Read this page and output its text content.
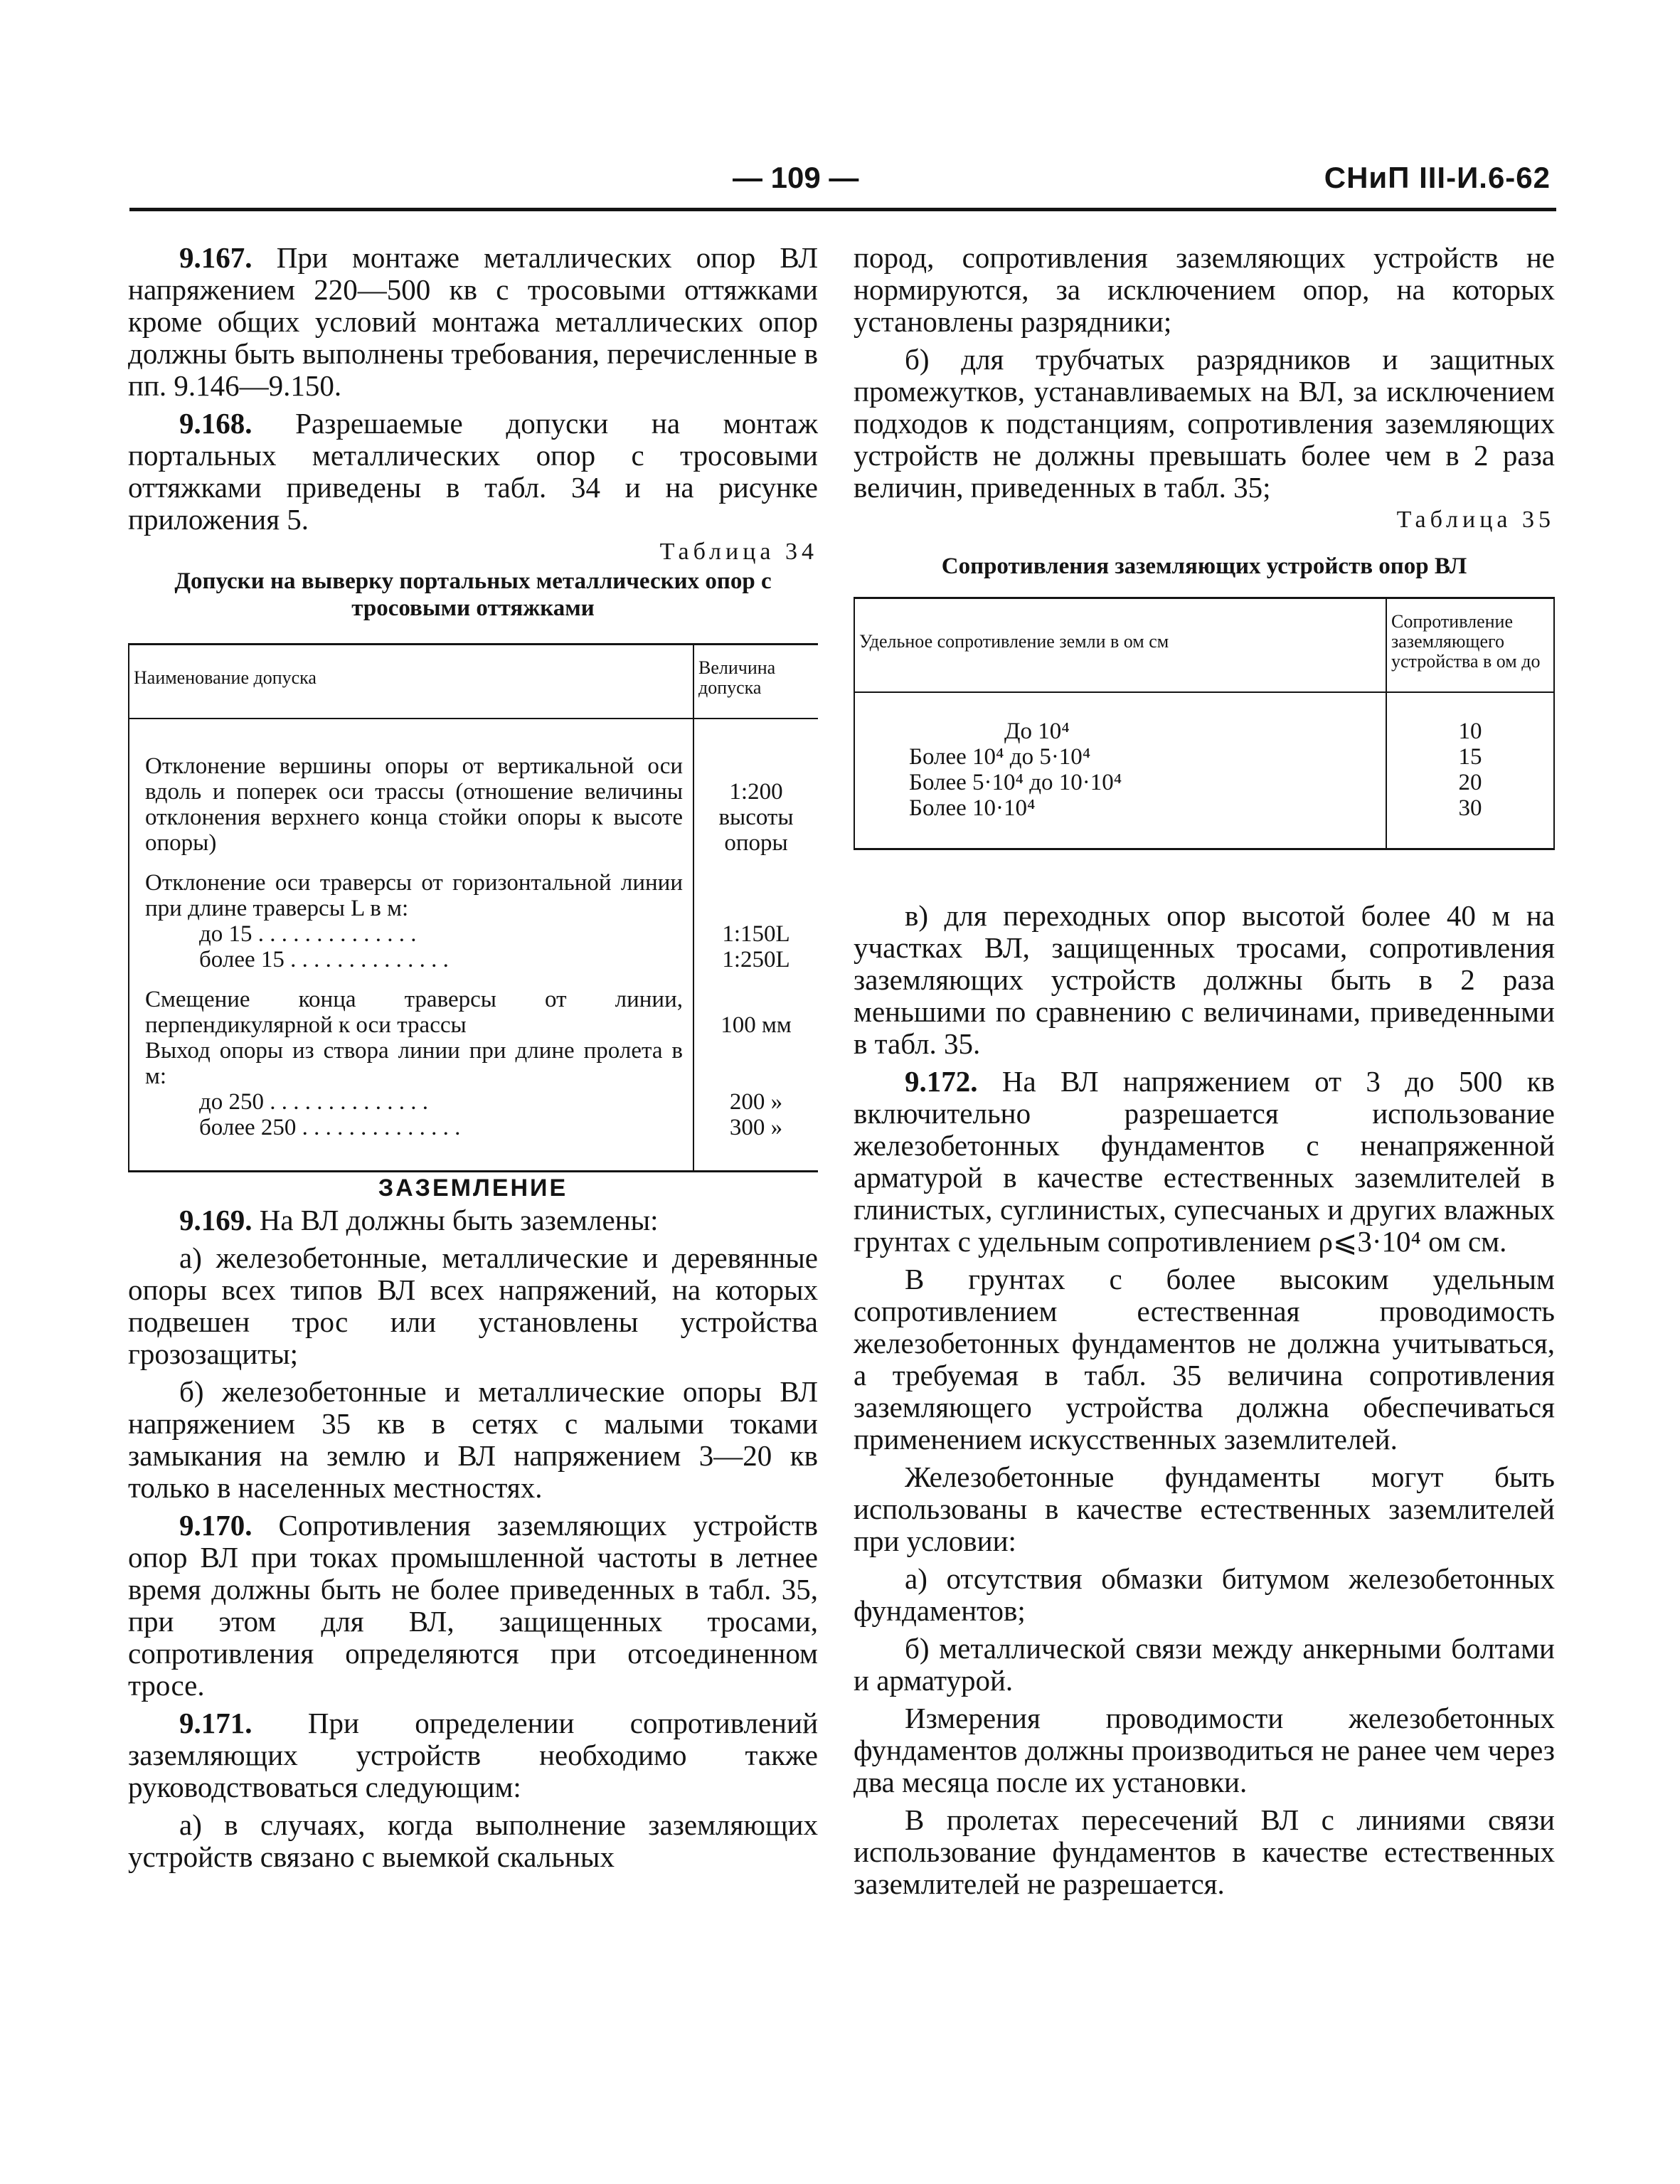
— 109 —	СНиП III-И.6-62

9.167. При монтаже металлических опор ВЛ напряжением 220—500 кв с тросовыми оттяжками кроме общих условий монтажа металлических опор должны быть выполнены требования, перечисленные в пп. 9.146—9.150.

9.168. Разрешаемые допуски на монтаж портальных металлических опор с тросовыми оттяжками приведены в табл. 34 и на рисунке приложения 5.

Таблица 34

Допуски на выверку портальных металлических опор с тросовыми оттяжками

Наименование допуска	Величина допуска
Отклонение вершины опоры от вертикальной оси вдоль и поперек оси трассы (отношение величины отклонения верхнего конца стойки опоры к высоте опоры)	1:200 высоты опоры
Отклонение оси траверсы от горизонтальной линии при длине траверсы L в м:	
до 15 . . .	1:150L
более 15 . . .	1:250L
Смещение конца траверсы от линии, перпендикулярной к оси трассы	100 мм
Выход опоры из створа линии при длине пролета в м:	
до 250 . . .	200 »
более 250 . . .	300 »

ЗАЗЕМЛЕНИЕ

9.169. На ВЛ должны быть заземлены:

а) железобетонные, металлические и деревянные опоры всех типов ВЛ всех напряжений, на которых подвешен трос или установлены устройства грозозащиты;

б) железобетонные и металлические опоры ВЛ напряжением 35 кв в сетях с малыми токами замыкания на землю и ВЛ напряжением 3—20 кв только в населенных местностях.

9.170. Сопротивления заземляющих устройств опор ВЛ при токах промышленной частоты в летнее время должны быть не более приведенных в табл. 35, при этом для ВЛ, защищенных тросами, сопротивления определяются при отсоединенном тросе.

9.171. При определении сопротивлений заземляющих устройств необходимо также руководствоваться следующим:

а) в случаях, когда выполнение заземляющих устройств связано с выемкой скальных

пород, сопротивления заземляющих устройств не нормируются, за исключением опор, на которых установлены разрядники;

б) для трубчатых разрядников и защитных промежутков, устанавливаемых на ВЛ, за исключением подходов к подстанциям, сопротивления заземляющих устройств не должны превышать более чем в 2 раза величин, приведенных в табл. 35;

Таблица 35

Сопротивления заземляющих устройств опор ВЛ

Удельное сопротивление земли в ом см	Сопротивление заземляющего устройства в ом до
До 10⁴	10
Более 10⁴ до 5·10⁴	15
Более 5·10⁴ до 10·10⁴	20
Более 10·10⁴	30

в) для переходных опор высотой более 40 м на участках ВЛ, защищенных тросами, сопротивления заземляющих устройств должны быть в 2 раза меньшими по сравнению с величинами, приведенными в табл. 35.

9.172. На ВЛ напряжением от 3 до 500 кв включительно разрешается использование железобетонных фундаментов с ненапряженной арматурой в качестве естественных заземлителей в глинистых, суглинистых, супесчаных и других влажных грунтах с удельным сопротивлением ρ⩽3·10⁴ ом см.

В грунтах с более высоким удельным сопротивлением естественная проводимость железобетонных фундаментов не должна учитываться, а требуемая в табл. 35 величина сопротивления заземляющего устройства должна обеспечиваться применением искусственных заземлителей.

Железобетонные фундаменты могут быть использованы в качестве естественных заземлителей при условии:

а) отсутствия обмазки битумом железобетонных фундаментов;

б) металлической связи между анкерными болтами и арматурой.

Измерения проводимости железобетонных фундаментов должны производиться не ранее чем через два месяца после их установки.

В пролетах пересечений ВЛ с линиями связи использование фундаментов в качестве естественных заземлителей не разрешается.
